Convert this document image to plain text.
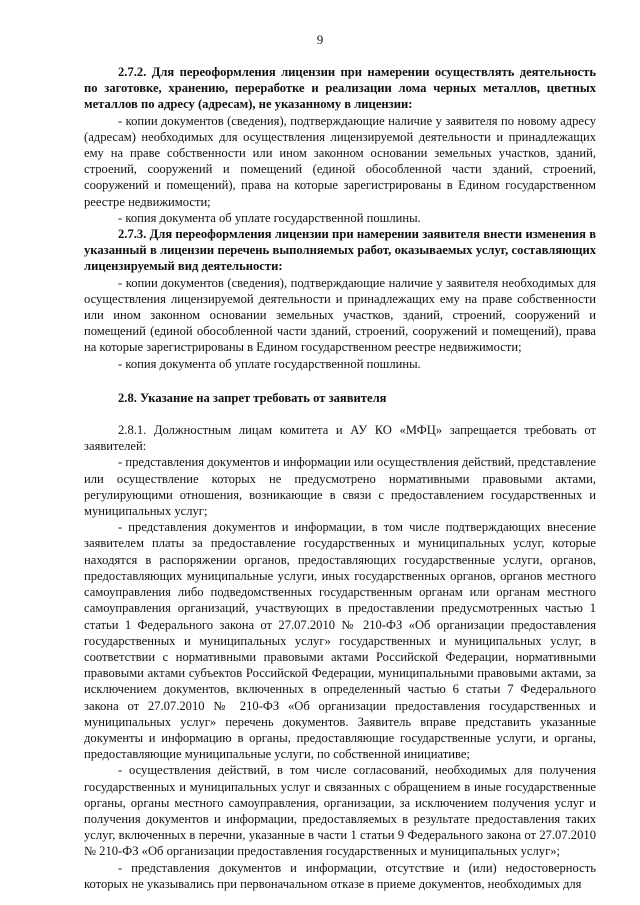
9

2.7.2. Для переоформления лицензии при намерении осуществлять деятельность по заготовке, хранению, переработке и реализации лома черных металлов, цветных металлов по адресу (адресам), не указанному в лицензии:

- копии документов (сведения), подтверждающие наличие у заявителя по новому адресу (адресам) необходимых для осуществления лицензируемой деятельности и принадлежащих ему на праве собственности или ином законном основании земельных участков, зданий, строений, сооружений и помещений (единой обособленной части зданий, строений, сооружений и помещений), права на которые зарегистрированы в Едином государственном реестре недвижимости;

- копия документа об уплате государственной пошлины.

2.7.3. Для переоформления лицензии при намерении заявителя внести изменения в указанный в лицензии перечень выполняемых работ, оказываемых услуг, составляющих лицензируемый вид деятельности:

- копии документов (сведения), подтверждающие наличие у заявителя необходимых для осуществления лицензируемой деятельности и принадлежащих ему на праве собственности или ином законном основании земельных участков, зданий, строений, сооружений и помещений (единой обособленной части зданий, строений, сооружений и помещений), права на которые зарегистрированы в Едином государственном реестре недвижимости;

- копия документа об уплате государственной пошлины.

2.8. Указание на запрет требовать от заявителя

2.8.1. Должностным лицам комитета и АУ КО «МФЦ» запрещается требовать от заявителей:

- представления документов и информации или осуществления действий, представление или осуществление которых не предусмотрено нормативными правовыми актами, регулирующими отношения, возникающие в связи с предоставлением государственных и муниципальных услуг;

- представления документов и информации, в том числе подтверждающих внесение заявителем платы за предоставление государственных и муниципальных услуг, которые находятся в распоряжении органов, предоставляющих государственные услуги, органов, предоставляющих муниципальные услуги, иных государственных органов, органов местного самоуправления либо подведомственных государственным органам или органам местного самоуправления организаций, участвующих в предоставлении предусмотренных частью 1 статьи 1 Федерального закона от 27.07.2010 № 210-ФЗ «Об организации предоставления государственных и муниципальных услуг» государственных и муниципальных услуг, в соответствии с нормативными правовыми актами Российской Федерации, нормативными правовыми актами субъектов Российской Федерации, муниципальными правовыми актами, за исключением документов, включенных в определенный частью 6 статьи 7 Федерального закона от 27.07.2010 № 210-ФЗ «Об организации предоставления государственных и муниципальных услуг» перечень документов. Заявитель вправе представить указанные документы и информацию в органы, предоставляющие государственные услуги, и органы, предоставляющие муниципальные услуги, по собственной инициативе;

- осуществления действий, в том числе согласований, необходимых для получения государственных и муниципальных услуг и связанных с обращением в иные государственные органы, органы местного самоуправления, организации, за исключением получения услуг и получения документов и информации, предоставляемых в результате предоставления таких услуг, включенных в перечни, указанные в части 1 статьи 9 Федерального закона от 27.07.2010 № 210-ФЗ «Об организации предоставления государственных и муниципальных услуг»;

- представления документов и информации, отсутствие и (или) недостоверность которых не указывались при первоначальном отказе в приеме документов, необходимых для
